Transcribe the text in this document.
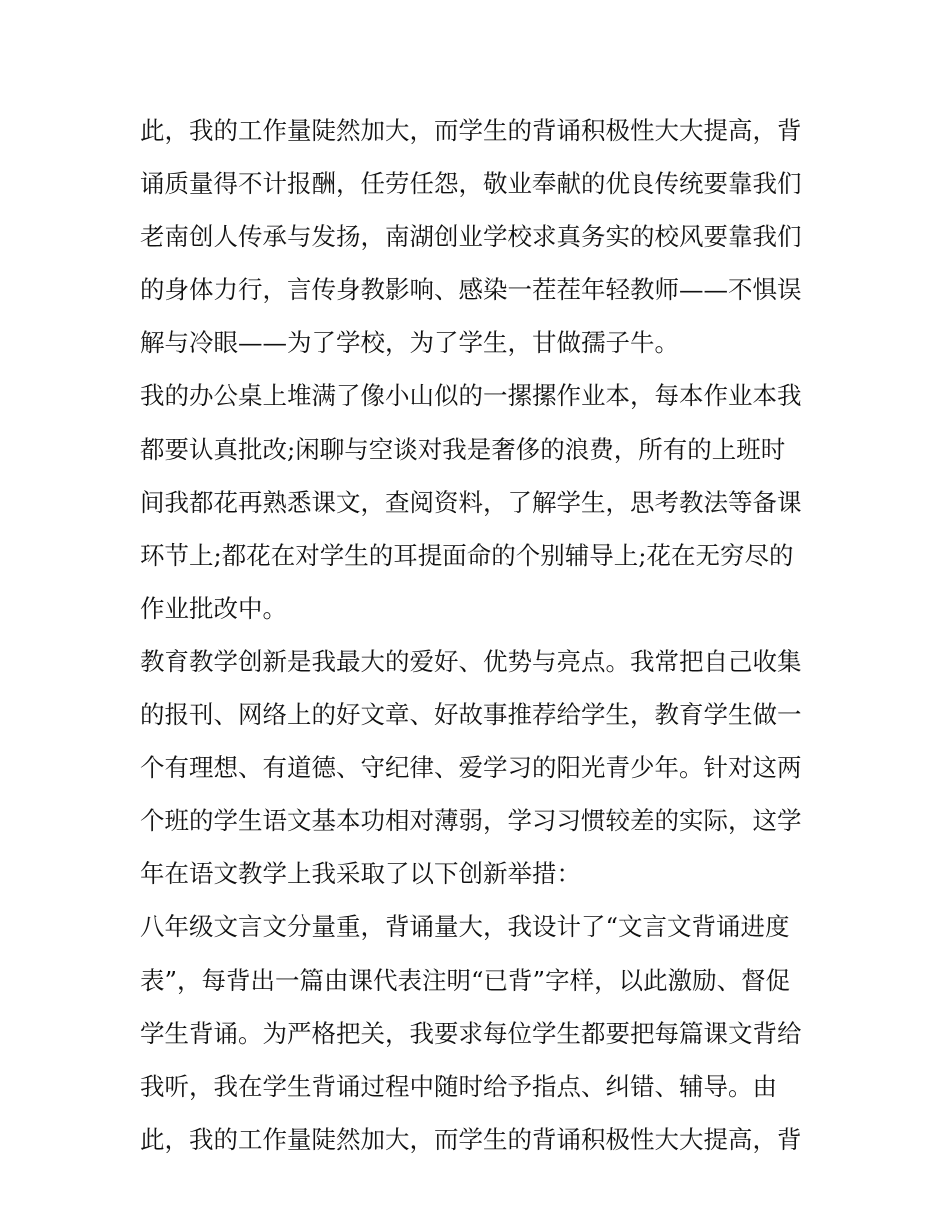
此，我的工作量陡然加大，而学生的背诵积极性大大提高，背
诵质量得不计报酬，任劳任怨，敬业奉献的优良传统要靠我们
老南创人传承与发扬，南湖创业学校求真务实的校风要靠我们
的身体力行，言传身教影响、感染一茬茬年轻教师——不惧误
解与冷眼——为了学校，为了学生，甘做孺子牛。
我的办公桌上堆满了像小山似的一摞摞作业本，每本作业本我
都要认真批改;闲聊与空谈对我是奢侈的浪费，所有的上班时
间我都花再熟悉课文，查阅资料，了解学生，思考教法等备课
环节上;都花在对学生的耳提面命的个别辅导上;花在无穷尽的
作业批改中。
教育教学创新是我最大的爱好、优势与亮点。我常把自己收集
的报刊、网络上的好文章、好故事推荐给学生，教育学生做一
个有理想、有道德、守纪律、爱学习的阳光青少年。针对这两
个班的学生语文基本功相对薄弱，学习习惯较差的实际，这学
年在语文教学上我采取了以下创新举措：
八年级文言文分量重，背诵量大，我设计了“文言文背诵进度
表”，每背出一篇由课代表注明“已背”字样，以此激励、督促
学生背诵。为严格把关，我要求每位学生都要把每篇课文背给
我听，我在学生背诵过程中随时给予指点、纠错、辅导。由
此，我的工作量陡然加大，而学生的背诵积极性大大提高，背
